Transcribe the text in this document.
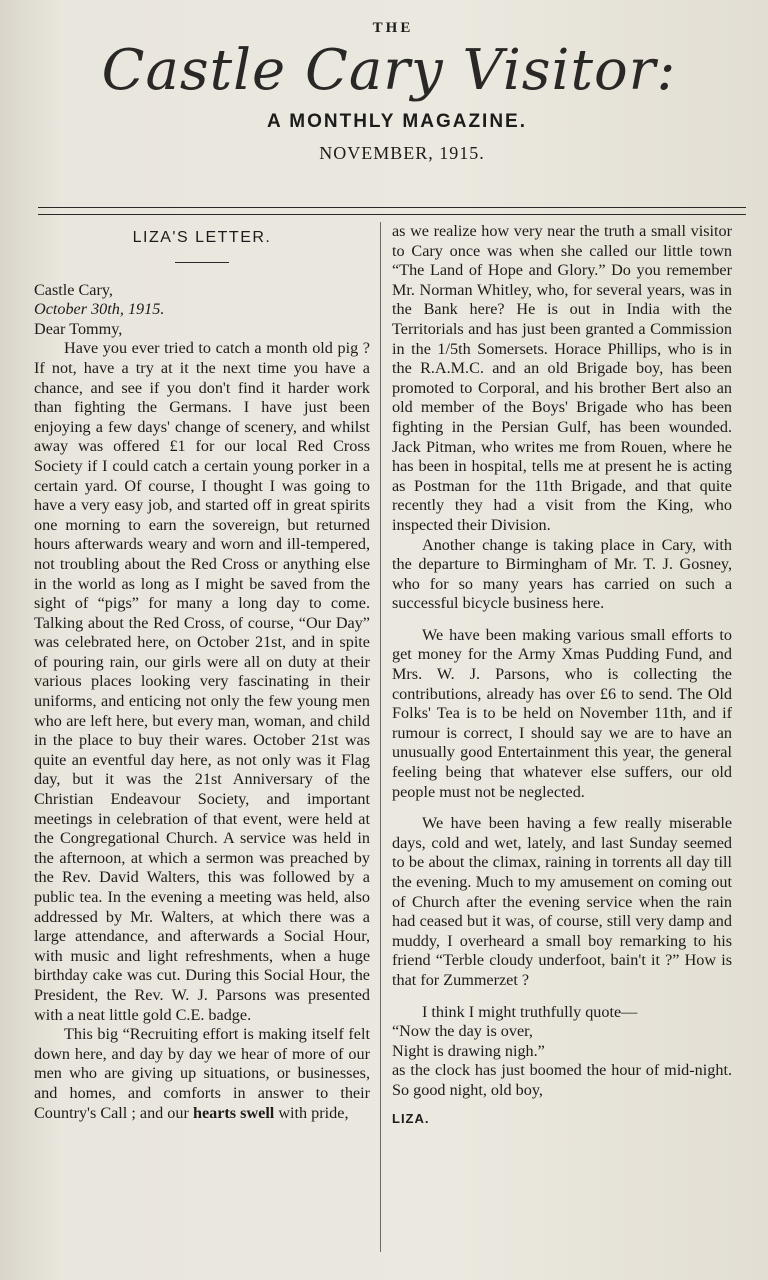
THE
Castle Cary Visitor:
A MONTHLY MAGAZINE.
NOVEMBER, 1915.
LIZA'S LETTER.

Castle Cary,

October 30th, 1915.

Dear Tommy,

Have you ever tried to catch a month old pig ? If not, have a try at it the next time you have a chance, and see if you don't find it harder work than fighting the Germans. I have just been enjoying a few days' change of scenery, and whilst away was offered £1 for our local Red Cross Society if I could catch a certain young porker in a certain yard. Of course, I thought I was going to have a very easy job, and started off in great spirits one morning to earn the sovereign, but returned hours afterwards weary and worn and ill-tempered, not troubling about the Red Cross or anything else in the world as long as I might be saved from the sight of “pigs” for many a long day to come. Talking about the Red Cross, of course, “Our Day” was celebrated here, on October 21st, and in spite of pouring rain, our girls were all on duty at their various places looking very fascinating in their uniforms, and enticing not only the few young men who are left here, but every man, woman, and child in the place to buy their wares. October 21st was quite an eventful day here, as not only was it Flag day, but it was the 21st Anniversary of the Christian Endeavour Society, and important meetings in celebration of that event, were held at the Congregational Church. A service was held in the afternoon, at which a sermon was preached by the Rev. David Walters, this was followed by a public tea. In the evening a meeting was held, also addressed by Mr. Walters, at which there was a large attendance, and afterwards a Social Hour, with music and light refreshments, when a huge birthday cake was cut. During this Social Hour, the President, the Rev. W. J. Parsons was presented with a neat little gold C.E. badge.

This big “Recruiting effort is making itself felt down here, and day by day we hear of more of our men who are giving up situations, or businesses, and homes, and comforts in answer to their Country's Call ; and our hearts swell with pride,

as we realize how very near the truth a small visitor to Cary once was when she called our little town “The Land of Hope and Glory.” Do you remember Mr. Norman Whitley, who, for several years, was in the Bank here? He is out in India with the Territorials and has just been granted a Commission in the 1/5th Somersets. Horace Phillips, who is in the R.A.M.C. and an old Brigade boy, has been promoted to Corporal, and his brother Bert also an old member of the Boys' Brigade who has been fighting in the Persian Gulf, has been wounded. Jack Pitman, who writes me from Rouen, where he has been in hospital, tells me at present he is acting as Postman for the 11th Brigade, and that quite recently they had a visit from the King, who inspected their Division.

Another change is taking place in Cary, with the departure to Birmingham of Mr. T. J. Gosney, who for so many years has carried on such a successful bicycle business here.

We have been making various small efforts to get money for the Army Xmas Pudding Fund, and Mrs. W. J. Parsons, who is collecting the contributions, already has over £6 to send. The Old Folks' Tea is to be held on November 11th, and if rumour is correct, I should say we are to have an unusually good Entertainment this year, the general feeling being that whatever else suffers, our old people must not be neglected.

We have been having a few really miserable days, cold and wet, lately, and last Sunday seemed to be about the climax, raining in torrents all day till the evening. Much to my amusement on coming out of Church after the evening service when the rain had ceased but it was, of course, still very damp and muddy, I overheard a small boy remarking to his friend “Terble cloudy underfoot, bain't it ?” How is that for Zummerzet ?

I think I might truthfully quote—

“Now the day is over,

Night is drawing nigh.”

as the clock has just boomed the hour of mid-night. So good night, old boy,

LIZA.
